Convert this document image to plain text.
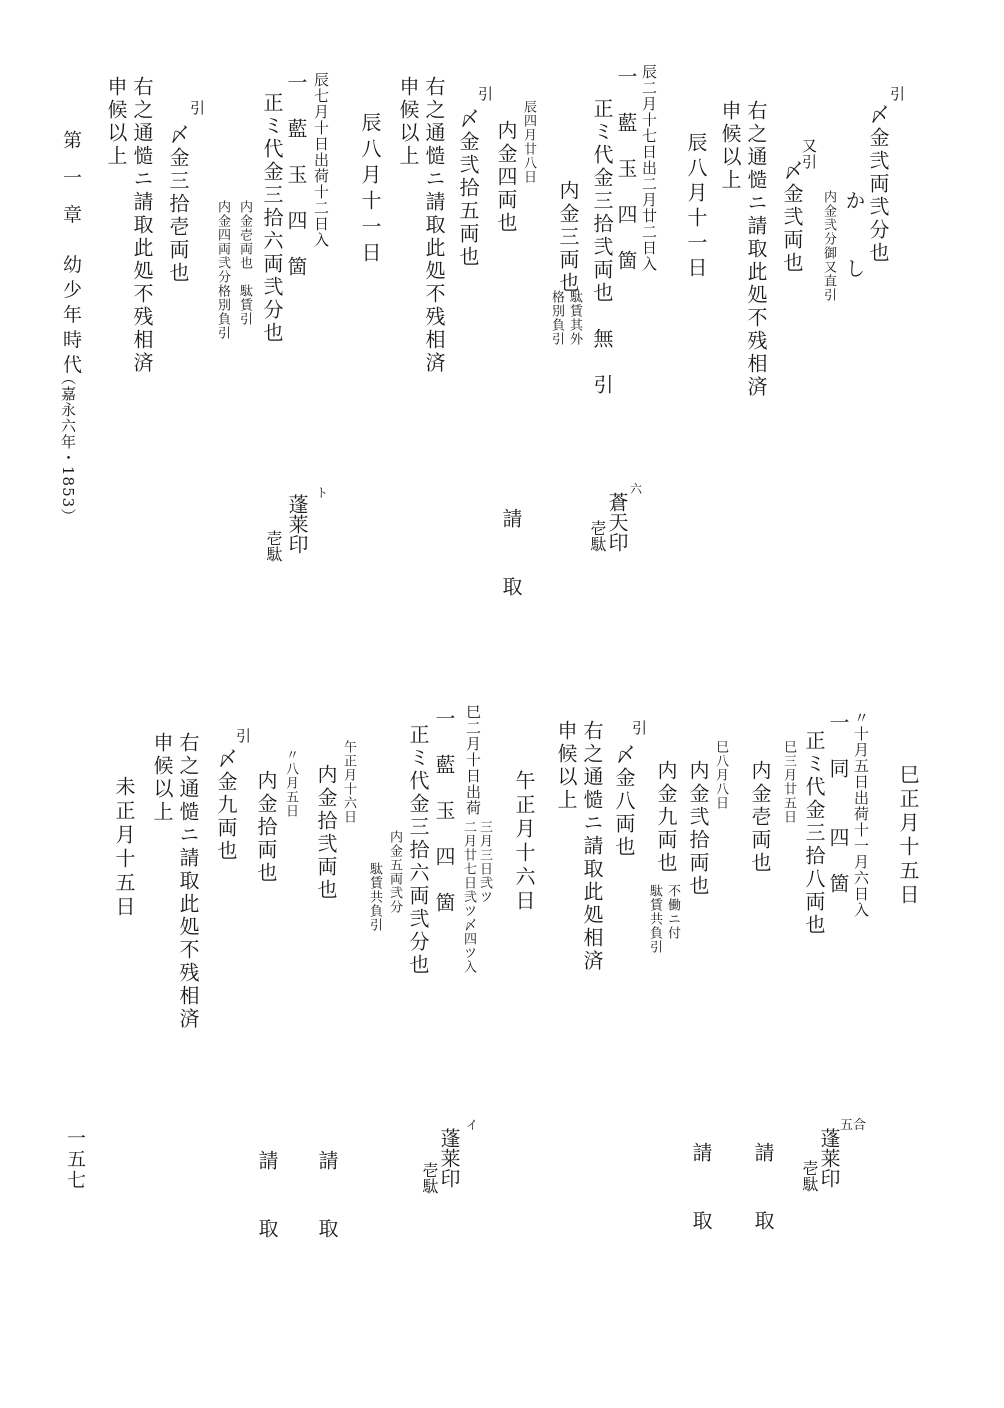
第 一 章　幼少年時代
（嘉永六年・1853）
一五七
引
〆金弐両弐分也
か　し
内金弐分御又直引
又引
〆金弐両也
右之通慥ニ請取此処不残相済
申候以上
辰八月十一日
辰二月十七日出二月廿二日入
一　藍　玉　四　箇
正ミ代金三拾弐両也　無　引
内金三両也
駄賃其外
格別負引
辰四月廿八日
内金四両也
引
〆金弐拾五両也
右之通慥ニ請取此処不残相済
申候以上
辰八月十一日
辰七月十日出荷十二日入
一　藍　玉　四　箇
正ミ代金三拾六両弐分也
内金壱両也　駄賃引
内金四両弐分格別負引
引
〆金三拾壱両也
右之通慥ニ請取此処不残相済
申候以上
六
蒼天印
壱駄
請　取
ト
蓬莱印
壱駄
巳正月十五日
〃十月五日出荷十一月六日入
一　同　　四　箇
正ミ代金三拾八両也
巳三月廿五日
内金壱両也
巳八月八日
内金弐拾両也
内金九両也
不働ニ付
駄賃共負引
引
〆金八両也
右之通慥ニ請取此処相済
申候以上
午正月十六日
巳二月十日出荷
三月三日弐ツ
二月廿七日弐ツ〆四ツ入
一　藍　玉　四　箇
正ミ代金三拾六両弐分也
内金五両弐分
駄賃共負引
午正月十六日
内金拾弐両也
〃八月五日
内金拾両也
引
〆金九両也
右之通慥ニ請取此処不残相済
申候以上
未正月十五日
五合
蓬莱印
壱駄
請　取
請　取
イ
蓬莱印
壱駄
請　取
請　取
